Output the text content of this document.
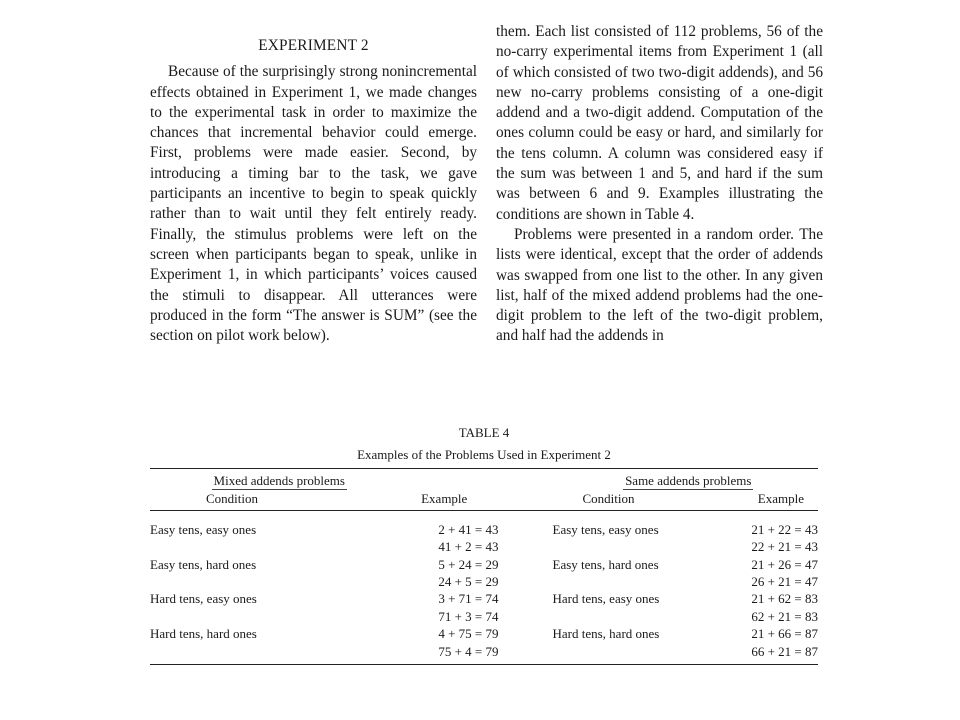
EXPERIMENT 2

Because of the surprisingly strong nonincremental effects obtained in Experiment 1, we made changes to the experimental task in order to maximize the chances that incremental behavior could emerge. First, problems were made easier. Second, by introducing a timing bar to the task, we gave participants an incentive to begin to speak quickly rather than to wait until they felt entirely ready. Finally, the stimulus problems were left on the screen when participants began to speak, unlike in Experiment 1, in which participants’ voices caused the stimuli to disappear. All utterances were produced in the form “The answer is SUM” (see the section on pilot work below).

them. Each list consisted of 112 problems, 56 of the no-carry experimental items from Experiment 1 (all of which consisted of two two-digit addends), and 56 new no-carry problems consisting of a one-digit addend and a two-digit addend. Computation of the ones column could be easy or hard, and similarly for the tens column. A column was considered easy if the sum was between 1 and 5, and hard if the sum was between 6 and 9. Examples illustrating the conditions are shown in Table 4.

Problems were presented in a random order. The lists were identical, except that the order of addends was swapped from one list to the other. In any given list, half of the mixed addend problems had the one-digit problem to the left of the two-digit problem, and half had the addends in

TABLE 4
Examples of the Problems Used in Experiment 2
Mixed addends problems		Same addends problems	
Condition	Example	Condition	Example

Easy tens, easy ones	2 + 41 = 43	Easy tens, easy ones	21 + 22 = 43
	41 + 2 = 43		22 + 21 = 43
Easy tens, hard ones	5 + 24 = 29	Easy tens, hard ones	21 + 26 = 47
	24 + 5 = 29		26 + 21 = 47
Hard tens, easy ones	3 + 71 = 74	Hard tens, easy ones	21 + 62 = 83
	71 + 3 = 74		62 + 21 = 83
Hard tens, hard ones	4 + 75 = 79	Hard tens, hard ones	21 + 66 = 87
	75 + 4 = 79		66 + 21 = 87
